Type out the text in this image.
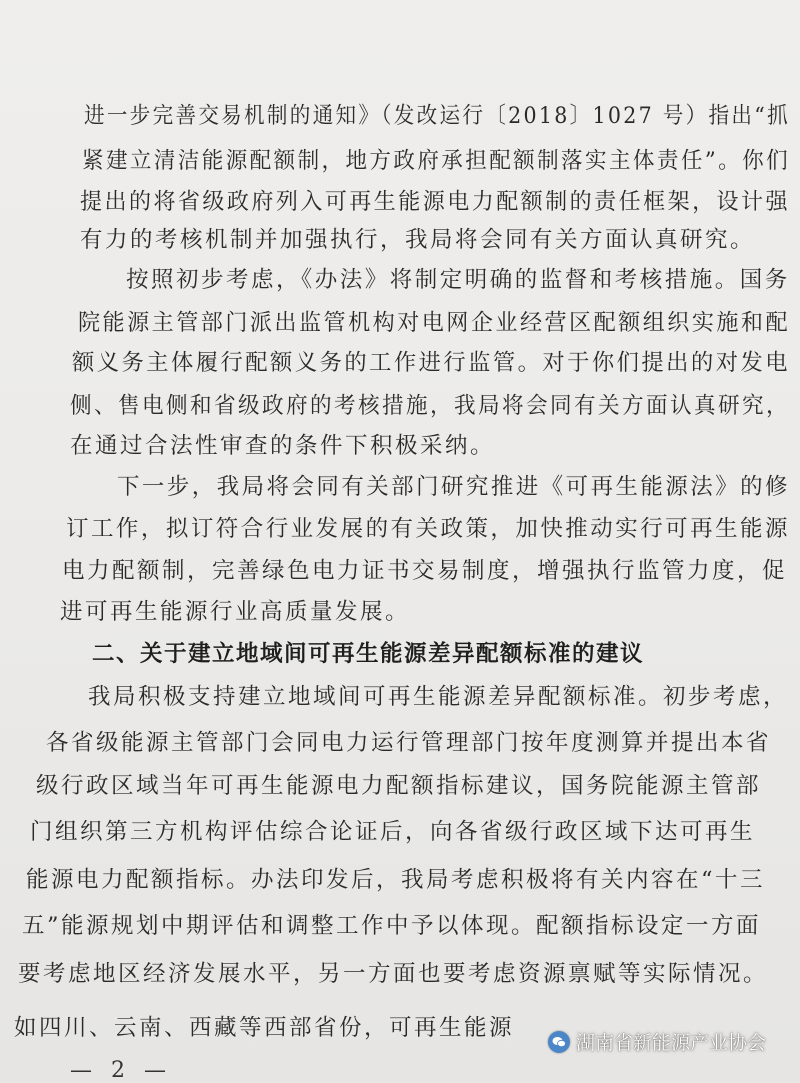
进一步完善交易机制的通知》（发改运行〔2018〕1027 号）指出“抓
紧建立清洁能源配额制，地方政府承担配额制落实主体责任”。你们
提出的将省级政府列入可再生能源电力配额制的责任框架，设计强
有力的考核机制并加强执行，我局将会同有关方面认真研究。
按照初步考虑，《办法》将制定明确的监督和考核措施。国务
院能源主管部门派出监管机构对电网企业经营区配额组织实施和配
额义务主体履行配额义务的工作进行监管。对于你们提出的对发电
侧、售电侧和省级政府的考核措施，我局将会同有关方面认真研究，
在通过合法性审查的条件下积极采纳。
下一步，我局将会同有关部门研究推进《可再生能源法》的修
订工作，拟订符合行业发展的有关政策，加快推动实行可再生能源
电力配额制，完善绿色电力证书交易制度，增强执行监管力度，促
进可再生能源行业高质量发展。
二、关于建立地域间可再生能源差异配额标准的建议
我局积极支持建立地域间可再生能源差异配额标准。初步考虑，
各省级能源主管部门会同电力运行管理部门按年度测算并提出本省
级行政区域当年可再生能源电力配额指标建议，国务院能源主管部
门组织第三方机构评估综合论证后，向各省级行政区域下达可再生
能源电力配额指标。办法印发后，我局考虑积极将有关内容在“十三
五”能源规划中期评估和调整工作中予以体现。配额指标设定一方面
要考虑地区经济发展水平，另一方面也要考虑资源禀赋等实际情况。
如四川、云南、西藏等西部省份，可再生能源
— 2 —
湖南省新能源产业协会
